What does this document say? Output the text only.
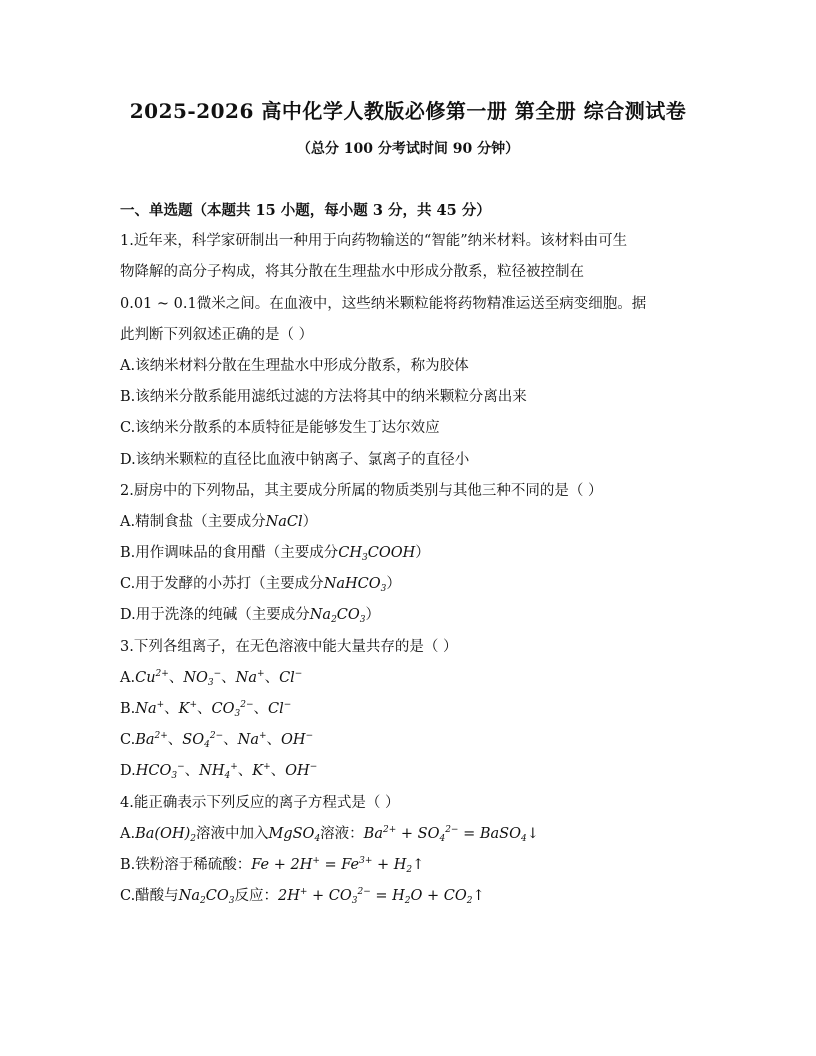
2025-2026 高中化学人教版必修第一册 第全册 综合测试卷
（总分 100 分考试时间 90 分钟）
一、单选题（本题共 15 小题，每小题 3 分，共 45 分）
1.近年来，科学家研制出一种用于向药物输送的“智能”纳米材料。该材料由可生
物降解的高分子构成，将其分散在生理盐水中形成分散系，粒径被控制在
0.01 ~ 0.1微米之间。在血液中，这些纳米颗粒能将药物精准运送至病变细胞。据
此判断下列叙述正确的是（ ）
A.该纳米材料分散在生理盐水中形成分散系，称为胶体
B.该纳米分散系能用滤纸过滤的方法将其中的纳米颗粒分离出来
C.该纳米分散系的本质特征是能够发生丁达尔效应
D.该纳米颗粒的直径比血液中钠离子、氯离子的直径小
2.厨房中的下列物品，其主要成分所属的物质类别与其他三种不同的是（ ）
A.精制食盐（主要成分NaCl）
B.用作调味品的食用醋（主要成分$CH_3COOH$）
C.用于发酵的小苏打（主要成分NaHCO$_3$）
D.用于洗涤的纯碱（主要成分$Na_2CO_3$）
3.下列各组离子，在无色溶液中能大量共存的是（ ）
$A.Cu^{2+}$、$NO_3^-$、Na+、Cl−
B.Na+、K+、$CO_3^{2-}$、Cl−
$C.Ba^{2+}$、$SO_4^{2-}$、Na+、OH−
$D.HCO_3^-$、$NH_4^+$、K+、OH−
4.能正确表示下列反应的离子方程式是（ ）
$A.Ba(OH)_2$溶液中加入MgSO$_4$溶液：$Ba^{2+} + SO_4^{2-}$ = BaSO$_4$↓
B.铁粉溶于稀硫酸：$Fe + 2H^+ = Fe^{3+}$ + $H_2↑$
C.醋酸与$Na_2CO_3$反应：$2H^+ + CO_3^{2-} = H_2O$ + $CO_2↑$
